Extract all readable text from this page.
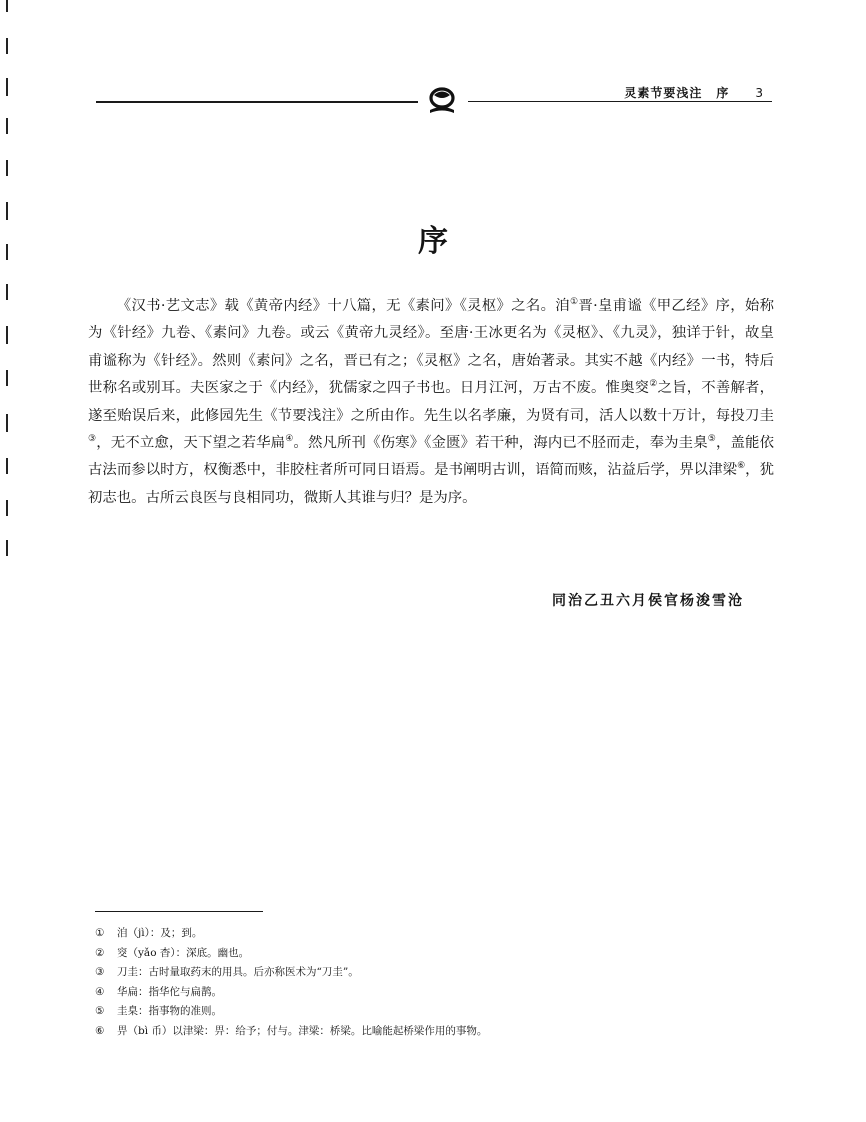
灵素节要浅注 序 3
序

《汉书·艺文志》载《黄帝内经》十八篇，无《素问》《灵枢》之名。洎①晋·皇甫谧《甲乙经》序，始称为《针经》九卷、《素问》九卷。或云《黄帝九灵经》。至唐·王冰更名为《灵枢》、《九灵》，独详于针，故皇甫谧称为《针经》。然则《素问》之名，晋已有之；《灵枢》之名，唐始著录。其实不越《内经》一书，特后世称名或别耳。夫医家之于《内经》，犹儒家之四子书也。日月江河，万古不废。惟奥窔②之旨，不善解者，遂至贻误后来，此修园先生《节要浅注》之所由作。先生以名孝廉，为贤有司，活人以数十万计，每投刀圭③，无不立愈，天下望之若华扁④。然凡所刊《伤寒》《金匮》若干种，海内已不胫而走，奉为圭臬⑤，盖能依古法而参以时方，权衡悉中，非胶柱者所可同日语焉。是书阐明古训，语简而赅，沾益后学，畀以津梁⑥，犹初志也。古所云良医与良相同功，微斯人其谁与归？是为序。

同治乙丑六月侯官杨浚雪沧
①	洎（jì）：及；到。
②	窔（yǎo 杳）：深底。幽也。
③	刀圭：古时量取药末的用具。后亦称医术为“刀圭”。
④	华扁：指华佗与扁鹊。
⑤	圭臬：指事物的准则。
⑥	畀（bì 币）以津梁：畀：给予；付与。津梁：桥梁。比喻能起桥梁作用的事物。
